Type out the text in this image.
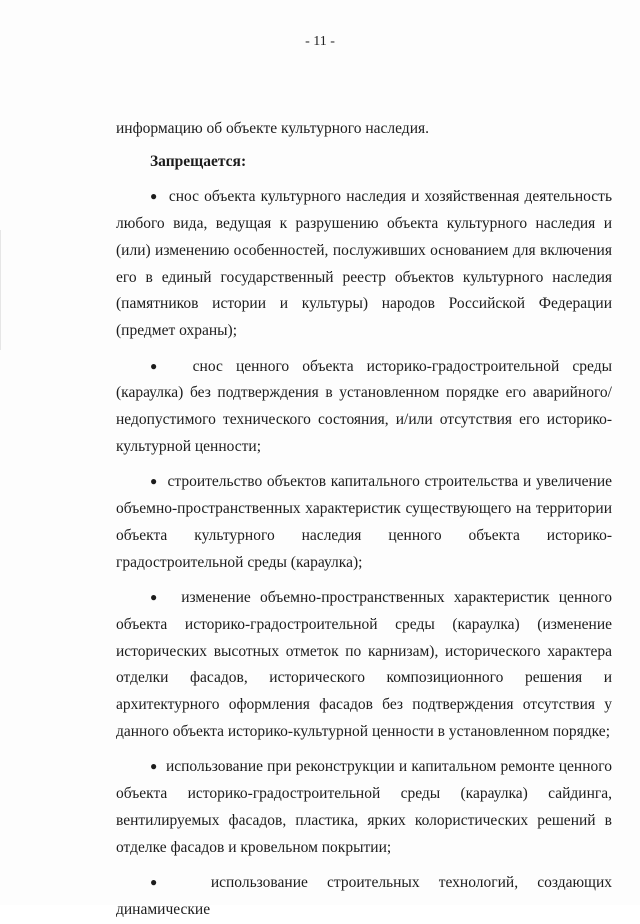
- 11 -

информацию об объекте культурного наследия.

Запрещается:

● снос объекта культурного наследия и хозяйственная деятельность любого вида, ведущая к разрушению объекта культурного наследия и (или) изменению особенностей, послуживших основанием для включения его в единый государственный реестр объектов культурного наследия (памятников истории и культуры) народов Российской Федерации (предмет охраны);

● снос ценного объекта историко-градостроительной среды (караулка) без подтверждения в установленном порядке его аварийного/недопустимого технического состояния, и/или отсутствия его историко-культурной ценности;

● строительство объектов капитального строительства и увеличение объемно-пространственных характеристик существующего на территории объекта культурного наследия ценного объекта историко-градостроительной среды (караулка);

● изменение объемно-пространственных характеристик ценного объекта историко-градостроительной среды (караулка) (изменение исторических высотных отметок по карнизам), исторического характера отделки фасадов, исторического композиционного решения и архитектурного оформления фасадов без подтверждения отсутствия у данного объекта историко-культурной ценности в установленном порядке;

● использование при реконструкции и капитальном ремонте ценного объекта историко-градостроительной среды (караулка) сайдинга, вентилируемых фасадов, пластика, ярких колористических решений в отделке фасадов и кровельном покрытии;

● использование строительных технологий, создающих динамические
